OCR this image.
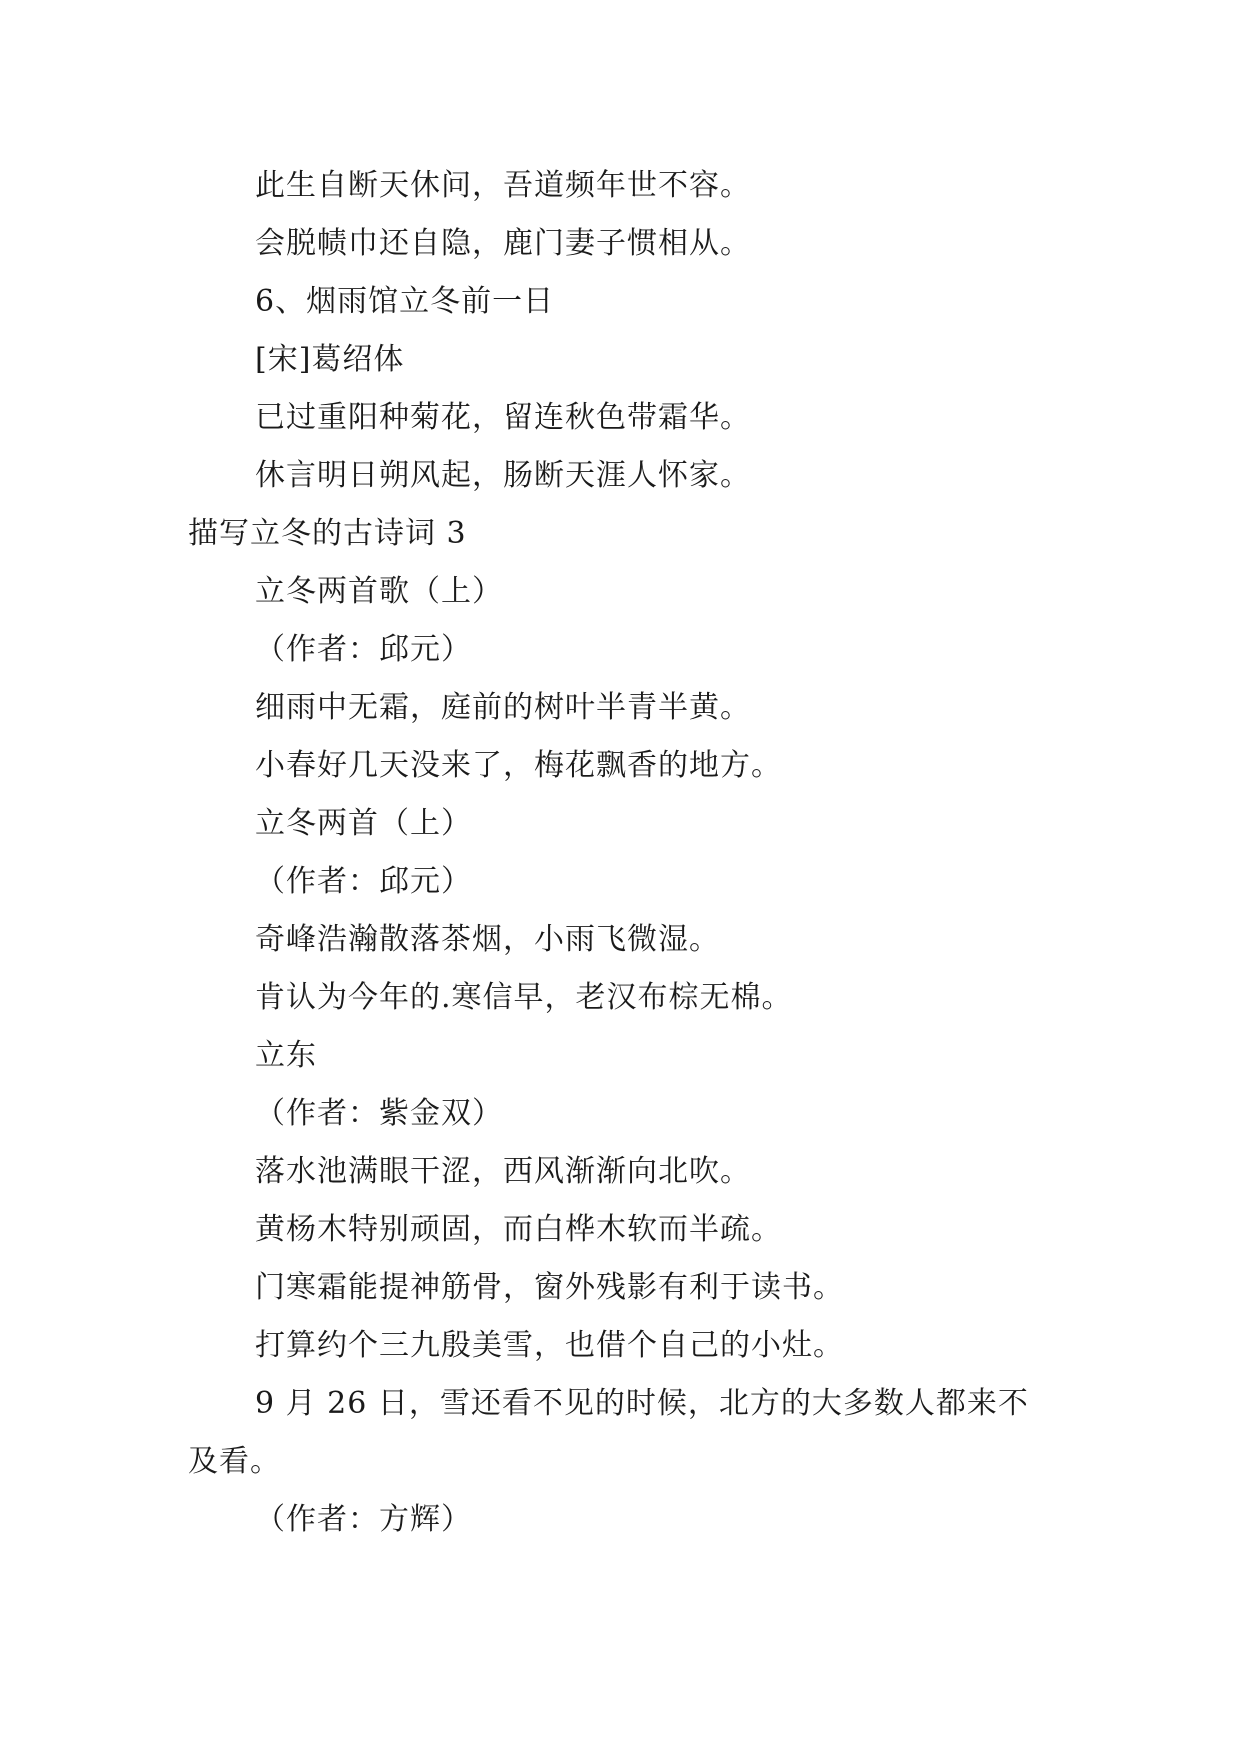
此生自断天休问，吾道频年世不容。
会脱帻巾还自隐，鹿门妻子惯相从。
6、烟雨馆立冬前一日
[宋]葛绍体
已过重阳种菊花，留连秋色带霜华。
休言明日朔风起，肠断天涯人怀家。
描写立冬的古诗词 3
立冬两首歌（上）
（作者：邱元）
细雨中无霜，庭前的树叶半青半黄。
小春好几天没来了，梅花飘香的地方。
立冬两首（上）
（作者：邱元）
奇峰浩瀚散落茶烟，小雨飞微湿。
肯认为今年的.寒信早，老汉布棕无棉。
立东
（作者：紫金双）
落水池满眼干涩，西风渐渐向北吹。
黄杨木特别顽固，而白桦木软而半疏。
门寒霜能提神筋骨，窗外残影有利于读书。
打算约个三九殷美雪，也借个自己的小灶。
9 月 26 日，雪还看不见的时候，北方的大多数人都来不
及看。
（作者：方辉）
